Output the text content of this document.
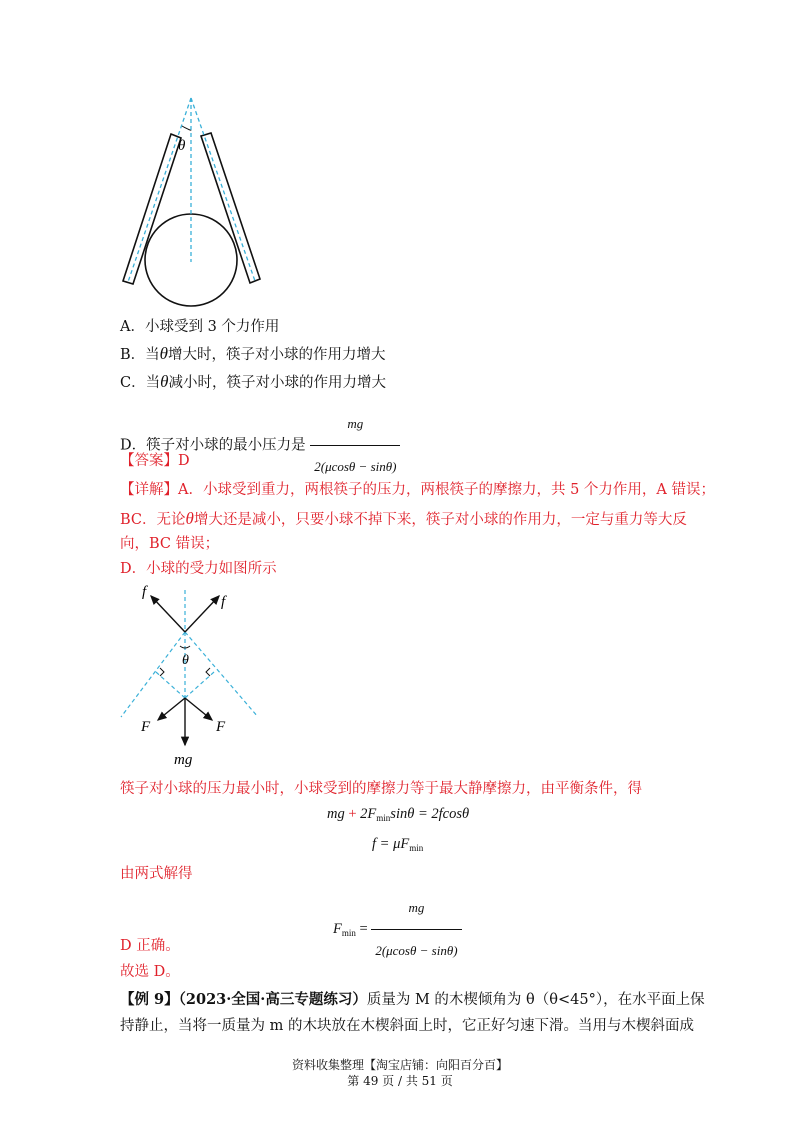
θ
A．小球受到 3 个力作用
B．当θ增大时，筷子对小球的作用力增大
C．当θ减小时，筷子对小球的作用力增大
D．筷子对小球的最小压力是 $\frac{mg}{2(\mu\cos\theta - \sin\theta)}$
【答案】D
【详解】A．小球受到重力，两根筷子的压力，两根筷子的摩擦力，共 5 个力作用，A 错误；
BC．无论θ增大还是减小，只要小球不掉下来，筷子对小球的作用力，一定与重力等大反
向，BC 错误；
D．小球的受力如图所示
θ
f
f
F	F
mg
筷子对小球的压力最小时，小球受到的摩擦力等于最大静摩擦力，由平衡条件，得
mg + $2F_{min}\sin\theta = 2fcos\theta$
$f = \mu F_{min}$
由两式解得
$F_{min} = \frac{mg}{2(\mu\cos\theta - \sin\theta)}$
D 正确。
故选 D。
【例 9】（2023·全国·高三专题练习）质量为 M 的木楔倾角为 θ（θ<45°），在水平面上保
持静止，当将一质量为 m 的木块放在木楔斜面上时，它正好匀速下滑。当用与木楔斜面成
资料收集整理【淘宝店铺：向阳百分百】
第 49 页 / 共 51 页
